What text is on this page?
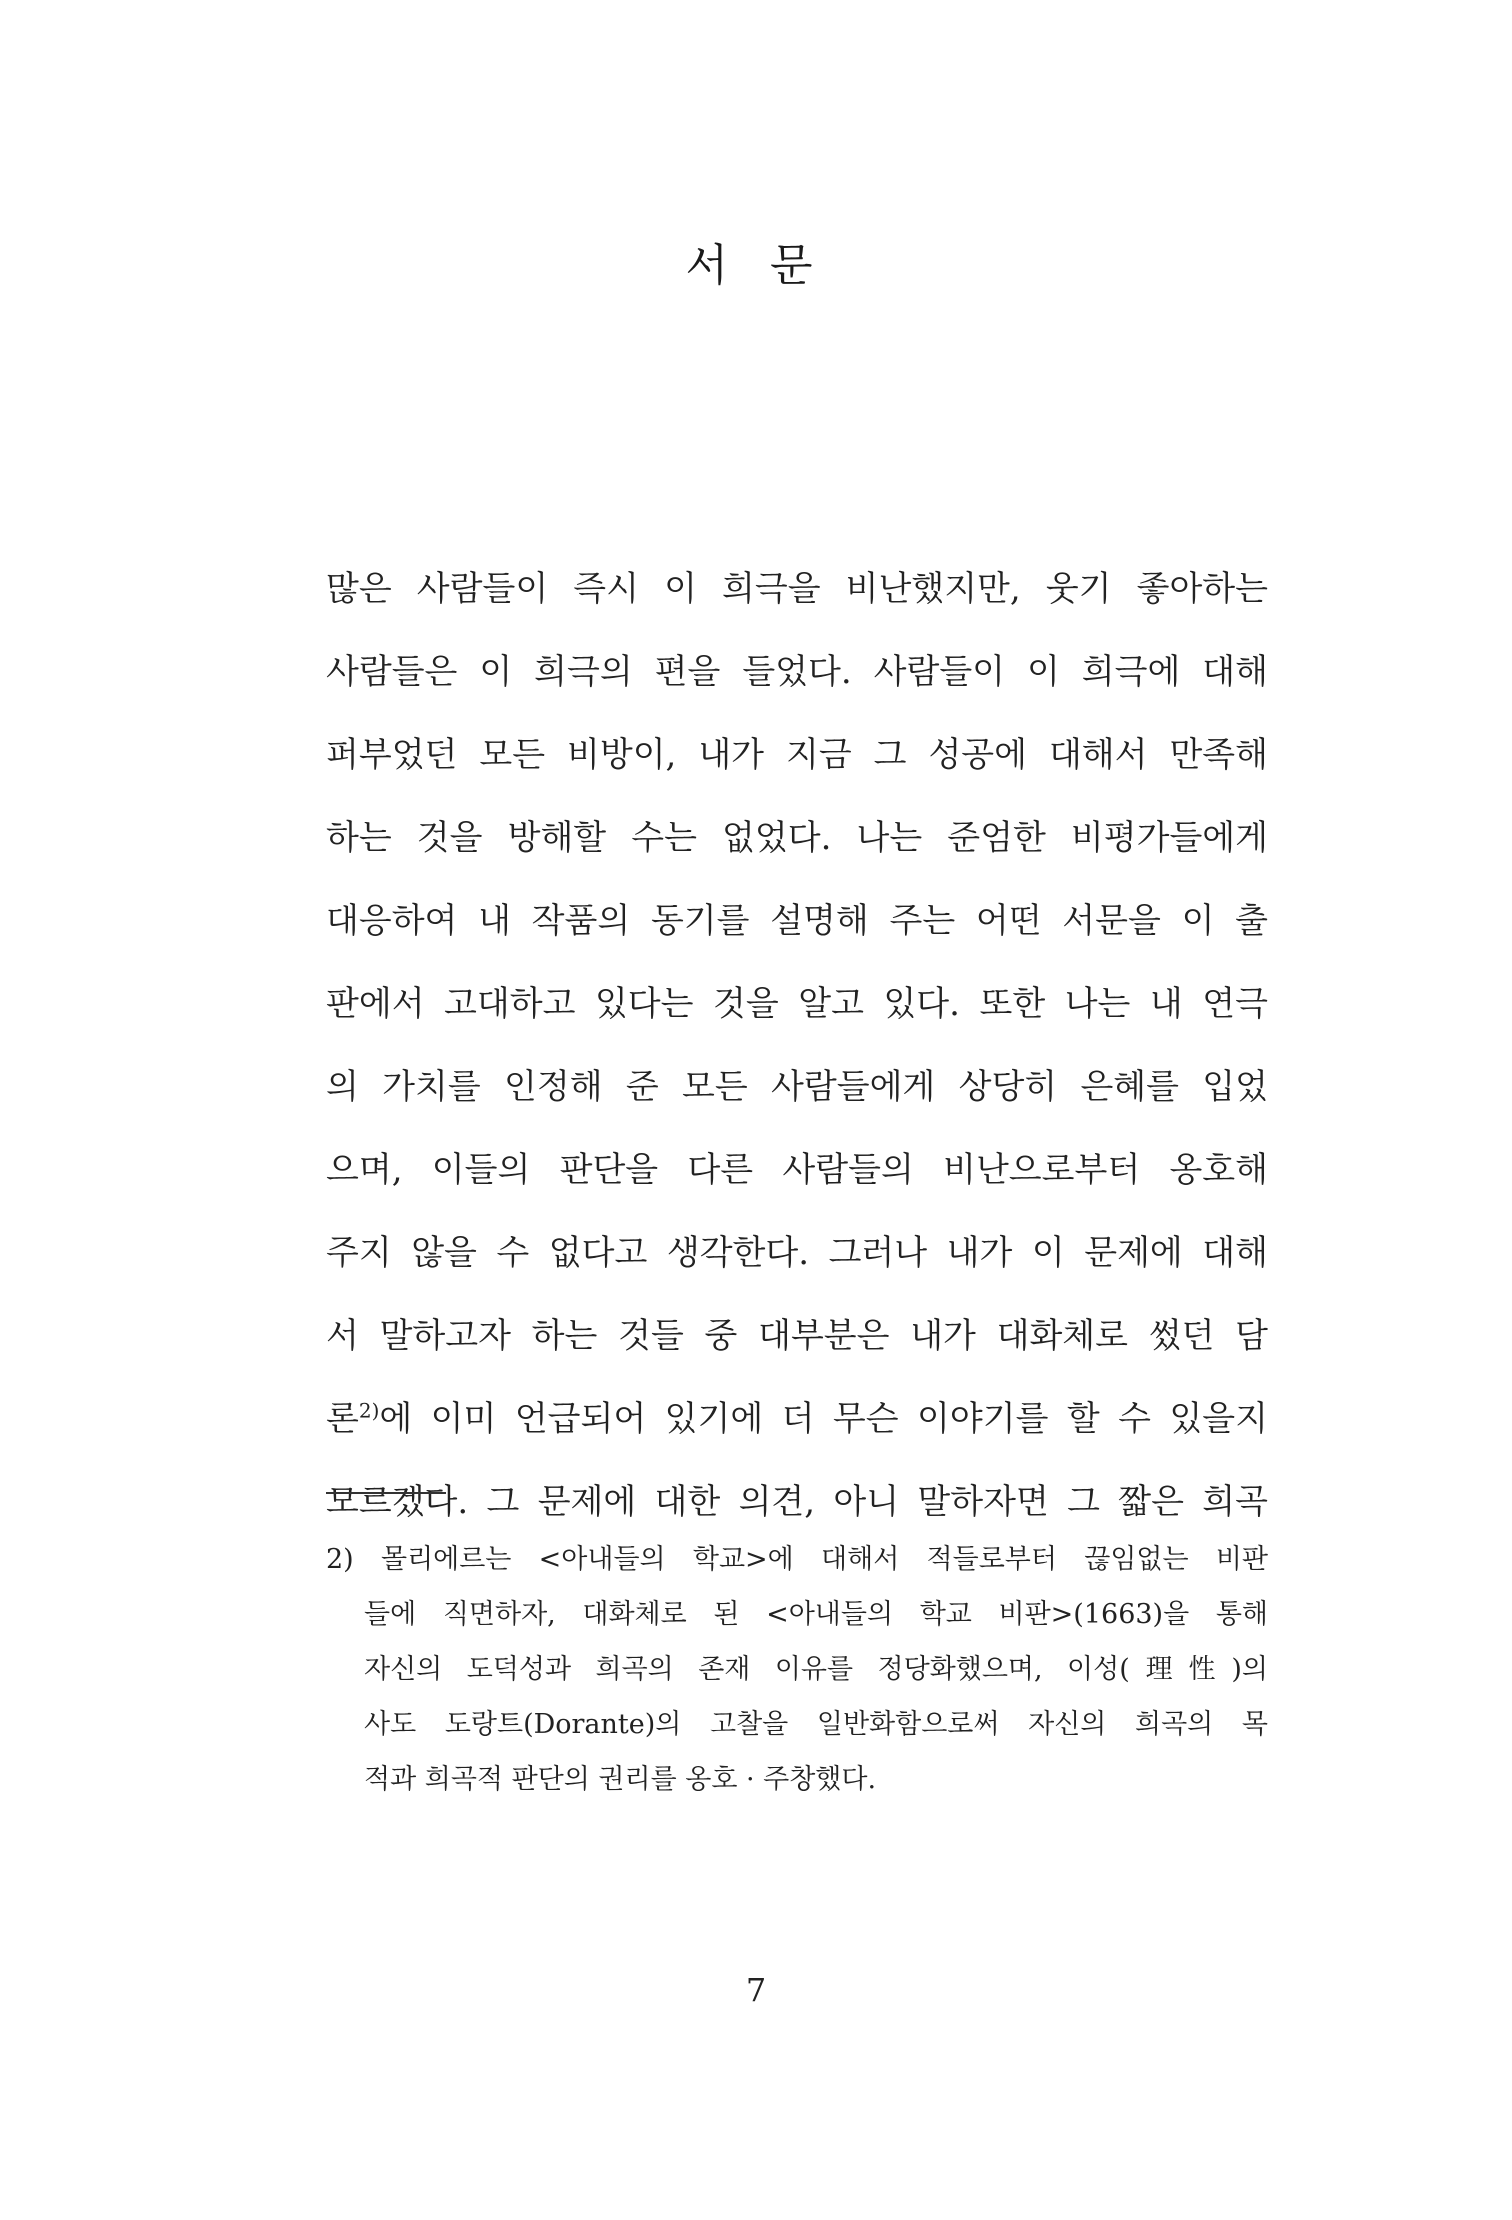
서 문
많은 사람들이 즉시 이 희극을 비난했지만, 웃기 좋아하는
사람들은 이 희극의 편을 들었다. 사람들이 이 희극에 대해
퍼부었던 모든 비방이, 내가 지금 그 성공에 대해서 만족해
하는 것을 방해할 수는 없었다. 나는 준엄한 비평가들에게
대응하여 내 작품의 동기를 설명해 주는 어떤 서문을 이 출
판에서 고대하고 있다는 것을 알고 있다. 또한 나는 내 연극
의 가치를 인정해 준 모든 사람들에게 상당히 은혜를 입었
으며, 이들의 판단을 다른 사람들의 비난으로부터 옹호해
주지 않을 수 없다고 생각한다. 그러나 내가 이 문제에 대해
서 말하고자 하는 것들 중 대부분은 내가 대화체로 썼던 담
론$^{2)}$에 이미 언급되어 있기에 더 무슨 이야기를 할 수 있을지
모르겠다. 그 문제에 대한 의견, 아니 말하자면 그 짧은 희곡
2) 몰리에르는 <아내들의 학교>에 대해서 적들로부터 끊임없는 비판
들에 직면하자, 대화체로 된 <아내들의 학교 비판>(1663)을 통해
자신의 도덕성과 희곡의 존재 이유를 정당화했으며, 이성(理性)의
사도 도랑트(Dorante)의 고찰을 일반화함으로써 자신의 희곡의 목
적과 희곡적 판단의 권리를 옹호 · 주창했다.
7
